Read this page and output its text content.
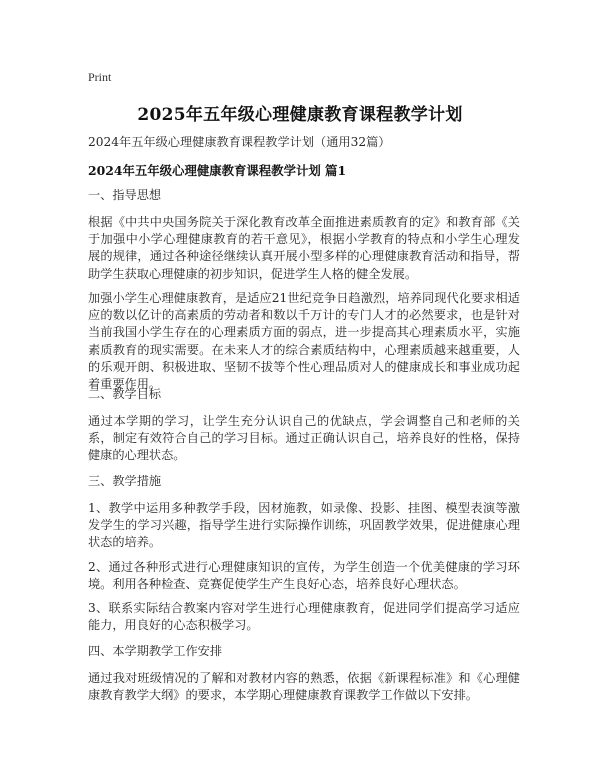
Print
2025年五年级心理健康教育课程教学计划
2024年五年级心理健康教育课程教学计划（通用32篇）
2024年五年级心理健康教育课程教学计划 篇1
一、指导思想

根据《中共中央国务院关于深化教育改革全面推进素质教育的定》和教育部《关于加强中小学心理健康教育的若干意见》，根据小学教育的特点和小学生心理发展的规律，通过各种途径继续认真开展小型多样的心理健康教育活动和指导，帮助学生获取心理健康的初步知识，促进学生人格的健全发展。

加强小学生心理健康教育，是适应21世纪竞争日趋激烈，培养同现代化要求相适应的数以亿计的高素质的劳动者和数以千万计的专门人才的必然要求，也是针对当前我国小学生存在的心理素质方面的弱点，进一步提高其心理素质水平，实施素质教育的现实需要。在未来人才的综合素质结构中，心理素质越来越重要，人的乐观开朗、积极进取、坚韧不拔等个性心理品质对人的健康成长和事业成功起着重要作用。

二、教学目标

通过本学期的学习，让学生充分认识自己的优缺点，学会调整自己和老师的关系，制定有效符合自己的学习目标。通过正确认识自己，培养良好的性格，保持健康的心理状态。

三、教学措施

1、教学中运用多种教学手段，因材施教，如录像、投影、挂图、模型表演等激发学生的学习兴趣，指导学生进行实际操作训练，巩固教学效果，促进健康心理状态的培养。

2、通过各种形式进行心理健康知识的宣传，为学生创造一个优美健康的学习环境。利用各种检查、竞赛促使学生产生良好心态，培养良好心理状态。

3、联系实际结合教案内容对学生进行心理健康教育，促进同学们提高学习适应能力，用良好的心态积极学习。

四、本学期教学工作安排

通过我对班级情况的了解和对教材内容的熟悉，依据《新课程标准》和《心理健康教育教学大纲》的要求，本学期心理健康教育课教学工作做以下安排。
